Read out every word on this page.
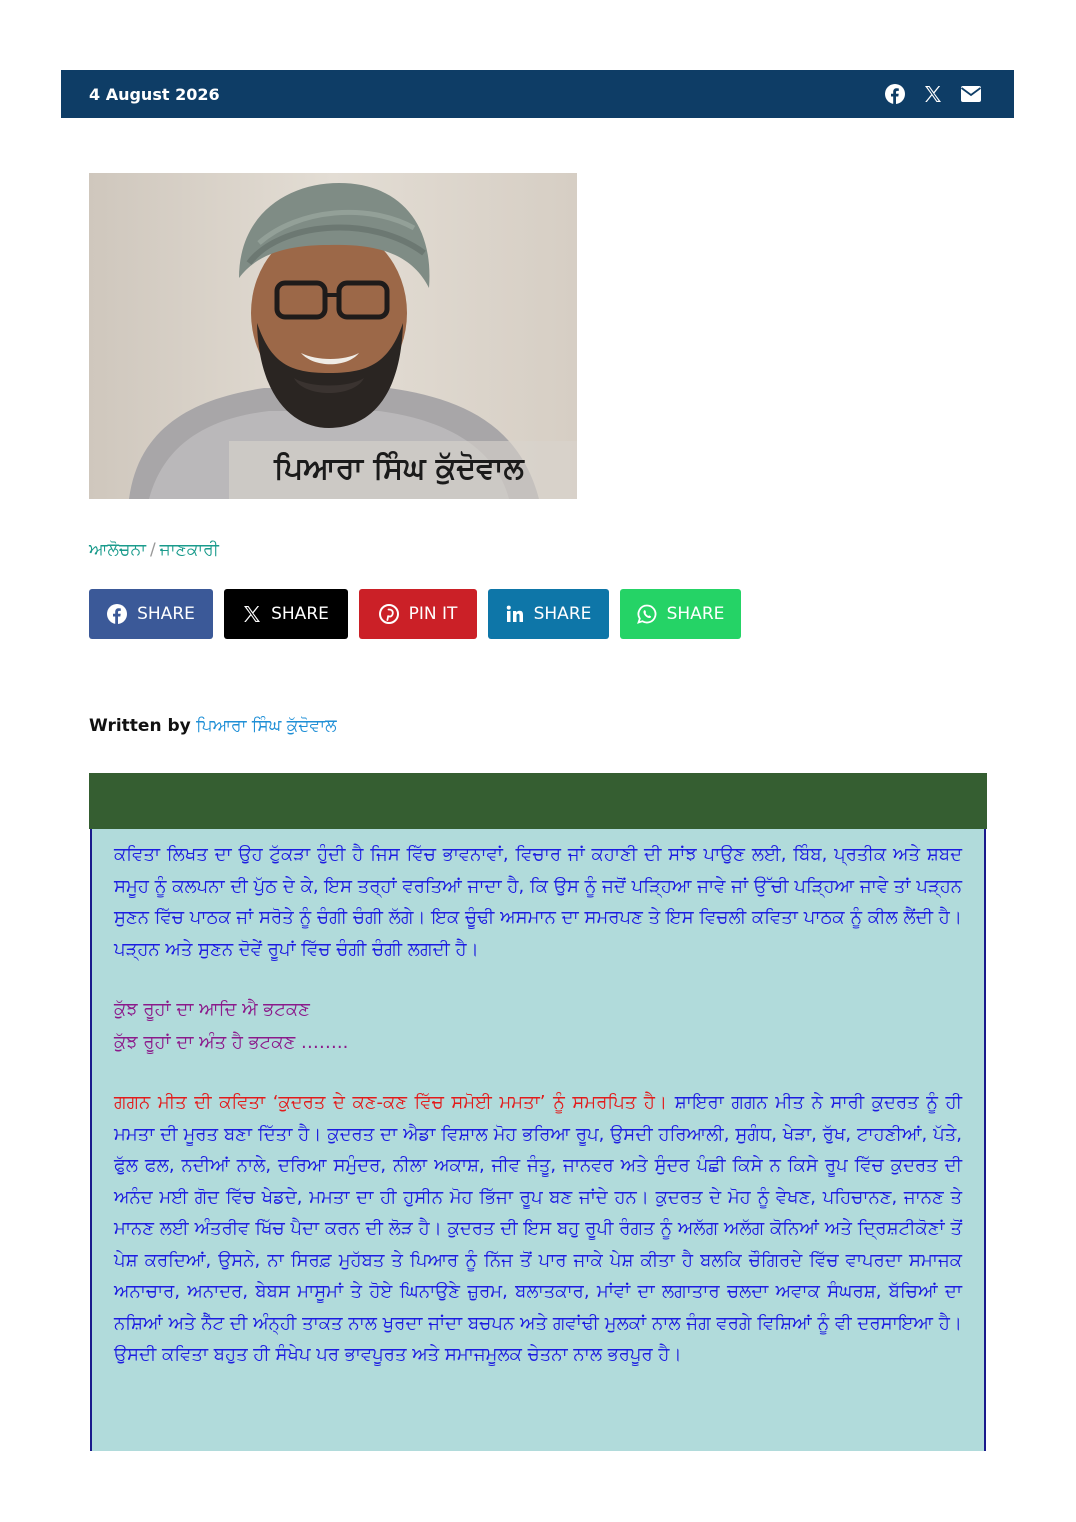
4 August 2026
ਪਿਆਰਾ ਸਿੰਘ ਕੁੱਦੋਵਾਲ
ਆਲੋਚਨਾ / ਜਾਣਕਾਰੀ
SHARE	SHARE	PIN IT	SHARE	SHARE
Written by ਪਿਆਰਾ ਸਿੰਘ ਕੁੱਦੋਵਾਲ

ਕਵਿਤਾ ਲਿਖਤ ਦਾ ਉਹ ਟੁੱਕੜਾ ਹੁੰਦੀ ਹੈ ਜਿਸ ਵਿੱਚ ਭਾਵਨਾਵਾਂ, ਵਿਚਾਰ ਜਾਂ ਕਹਾਣੀ ਦੀ ਸਾਂਝ ਪਾਉਣ ਲਈ, ਬਿੰਬ, ਪ੍ਰਤੀਕ ਅਤੇ ਸ਼ਬਦ ਸਮੂਹ ਨੂੰ ਕਲਪਨਾ ਦੀ ਪੁੱਠ ਦੇ ਕੇ, ਇਸ ਤਰ੍ਹਾਂ ਵਰਤਿਆਂ ਜਾਦਾ ਹੈ, ਕਿ ਉਸ ਨੂੰ ਜਦੋਂ ਪੜ੍ਹਿਆ ਜਾਵੇ ਜਾਂ ਉੱਚੀ ਪੜ੍ਹਿਆ ਜਾਵੇ ਤਾਂ ਪੜ੍ਹਨ ਸੁਣਨ ਵਿੱਚ ਪਾਠਕ ਜਾਂ ਸਰੋਤੇ ਨੂੰ ਚੰਗੀ ਚੰਗੀ ਲੱਗੇ। ਇਕ ਚੂੰਢੀ ਅਸਮਾਨ ਦਾ ਸਮਰਪਣ ਤੇ ਇਸ ਵਿਚਲੀ ਕਵਿਤਾ ਪਾਠਕ ਨੂੰ ਕੀਲ ਲੈਂਦੀ ਹੈ। ਪੜ੍ਹਨ ਅਤੇ ਸੁਣਨ ਦੋਵੇਂ ਰੂਪਾਂ ਵਿੱਚ ਚੰਗੀ ਚੰਗੀ ਲਗਦੀ ਹੈ।

ਕੁੱਝ ਰੂਹਾਂ ਦਾ ਆਦਿ ਐ ਭਟਕਣ
ਕੁੱਝ ਰੂਹਾਂ ਦਾ ਅੰਤ ਹੈ ਭਟਕਣ ……..

ਗਗਨ ਮੀਤ ਦੀ ਕਵਿਤਾ ‘ਕੁਦਰਤ ਦੇ ਕਣ-ਕਣ ਵਿੱਚ ਸਮੋਈ ਮਮਤਾ’ ਨੂੰ ਸਮਰਪਿਤ ਹੈ। ਸ਼ਾਇਰਾ ਗਗਨ ਮੀਤ ਨੇ ਸਾਰੀ ਕੁਦਰਤ ਨੂੰ ਹੀ ਮਮਤਾ ਦੀ ਮੂਰਤ ਬਣਾ ਦਿੱਤਾ ਹੈ। ਕੁਦਰਤ ਦਾ ਐਡਾ ਵਿਸ਼ਾਲ ਮੋਹ ਭਰਿਆ ਰੂਪ, ਉਸਦੀ ਹਰਿਆਲੀ, ਸੁਗੰਧ, ਖੇੜਾ, ਰੁੱਖ, ਟਾਹਣੀਆਂ, ਪੱਤੇ, ਫੁੱਲ ਫਲ, ਨਦੀਆਂ ਨਾਲੇ, ਦਰਿਆ ਸਮੁੰਦਰ, ਨੀਲਾ ਅਕਾਸ਼, ਜੀਵ ਜੰਤੂ, ਜਾਨਵਰ ਅਤੇ ਸੁੰਦਰ ਪੰਛੀ ਕਿਸੇ ਨ ਕਿਸੇ ਰੂਪ ਵਿੱਚ ਕੁਦਰਤ ਦੀ ਅਨੰਦ ਮਈ ਗੋਦ ਵਿੱਚ ਖੇਡਦੇ, ਮਮਤਾ ਦਾ ਹੀ ਹੁਸੀਨ ਮੋਹ ਭਿੱਜਾ ਰੂਪ ਬਣ ਜਾਂਦੇ ਹਨ। ਕੁਦਰਤ ਦੇ ਮੋਹ ਨੂੰ ਵੇਖਣ, ਪਹਿਚਾਨਣ, ਜਾਨਣ ਤੇ ਮਾਨਣ ਲਈ ਅੰਤਰੀਵ ਖਿੱਚ ਪੈਦਾ ਕਰਨ ਦੀ ਲੋੜ ਹੈ। ਕੁਦਰਤ ਦੀ ਇਸ ਬਹੁ ਰੂਪੀ ਰੰਗਤ ਨੂੰ ਅਲੱਗ ਅਲੱਗ ਕੋਨਿਆਂ ਅਤੇ ਦ੍ਰਿਸ਼ਟੀਕੋਣਾਂ ਤੋਂ ਪੇਸ਼ ਕਰਦਿਆਂ, ਉਸਨੇ, ਨਾ ਸਿਰਫ਼ ਮੁਹੱਬਤ ਤੇ ਪਿਆਰ ਨੂੰ ਨਿੱਜ ਤੋਂ ਪਾਰ ਜਾਕੇ ਪੇਸ਼ ਕੀਤਾ ਹੈ ਬਲਕਿ ਚੌਗਿਰਦੇ ਵਿੱਚ ਵਾਪਰਦਾ ਸਮਾਜਕ ਅਨਾਚਾਰ, ਅਨਾਦਰ, ਬੇਬਸ ਮਾਸੂਮਾਂ ਤੇ ਹੋਏ ਘਿਨਾਉਣੇ ਜ਼ੁਰਮ, ਬਲਾਤਕਾਰ, ਮਾਂਵਾਂ ਦਾ ਲਗਾਤਾਰ ਚਲਦਾ ਅਵਾਕ ਸੰਘਰਸ਼, ਬੱਚਿਆਂ ਦਾ ਨਸ਼ਿਆਂ ਅਤੇ ਨੈੱਟ ਦੀ ਅੰਨ੍ਹੀ ਤਾਕਤ ਨਾਲ ਖੁਰਦਾ ਜਾਂਦਾ ਬਚਪਨ ਅਤੇ ਗਵਾਂਢੀ ਮੁਲਕਾਂ ਨਾਲ ਜੰਗ ਵਰਗੇ ਵਿਸ਼ਿਆਂ ਨੂੰ ਵੀ ਦਰਸਾਇਆ ਹੈ। ਉਸਦੀ ਕਵਿਤਾ ਬਹੁਤ ਹੀ ਸੰਖੇਪ ਪਰ ਭਾਵਪੂਰਤ ਅਤੇ ਸਮਾਜਮੂਲਕ ਚੇਤਨਾ ਨਾਲ ਭਰਪੂਰ ਹੈ।
